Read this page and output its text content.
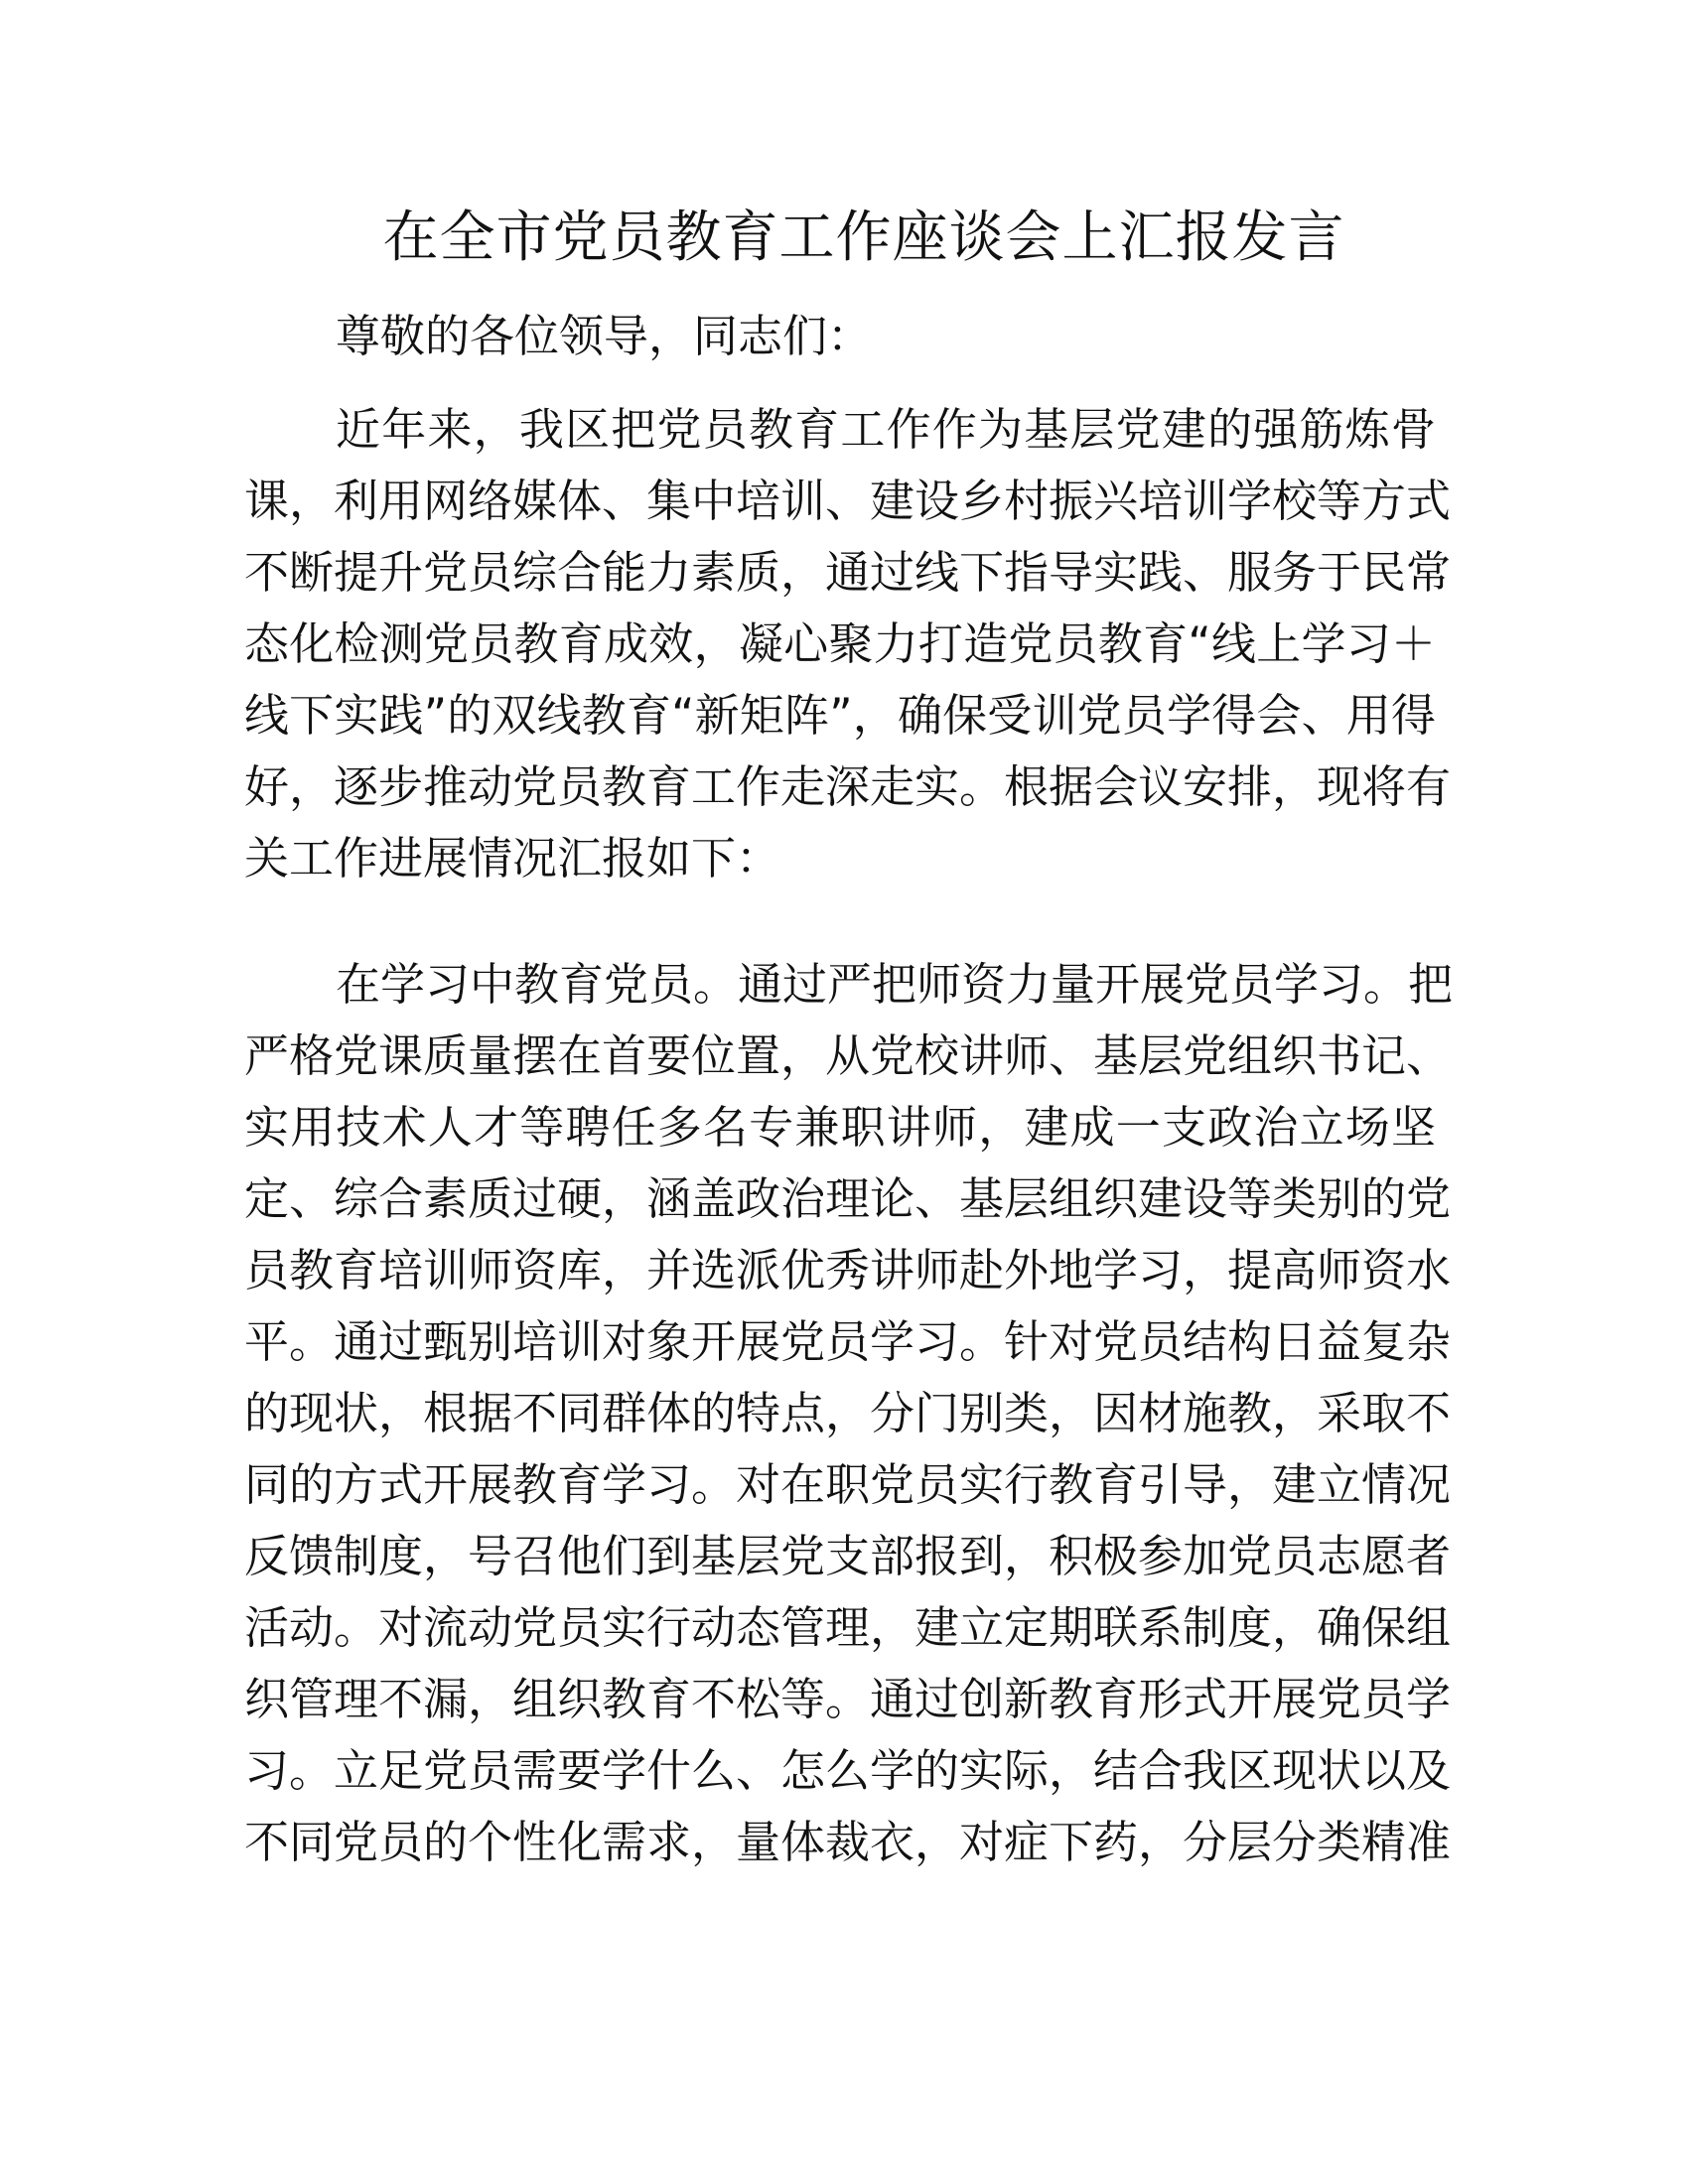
在全市党员教育工作座谈会上汇报发言
尊敬的各位领导，同志们：
近年来，我区把党员教育工作作为基层党建的强筋炼骨
课，利用网络媒体、集中培训、建设乡村振兴培训学校等方式
不断提升党员综合能力素质，通过线下指导实践、服务于民常
态化检测党员教育成效，凝心聚力打造党员教育“线上学习＋
线下实践”的双线教育“新矩阵”，确保受训党员学得会、用得
好，逐步推动党员教育工作走深走实。根据会议安排，现将有
关工作进展情况汇报如下：
在学习中教育党员。通过严把师资力量开展党员学习。把
严格党课质量摆在首要位置，从党校讲师、基层党组织书记、
实用技术人才等聘任多名专兼职讲师，建成一支政治立场坚
定、综合素质过硬，涵盖政治理论、基层组织建设等类别的党
员教育培训师资库，并选派优秀讲师赴外地学习，提高师资水
平。通过甄别培训对象开展党员学习。针对党员结构日益复杂
的现状，根据不同群体的特点，分门别类，因材施教，采取不
同的方式开展教育学习。对在职党员实行教育引导，建立情况
反馈制度，号召他们到基层党支部报到，积极参加党员志愿者
活动。对流动党员实行动态管理，建立定期联系制度，确保组
织管理不漏，组织教育不松等。通过创新教育形式开展党员学
习。立足党员需要学什么、怎么学的实际，结合我区现状以及
不同党员的个性化需求，量体裁衣，对症下药，分层分类精准
